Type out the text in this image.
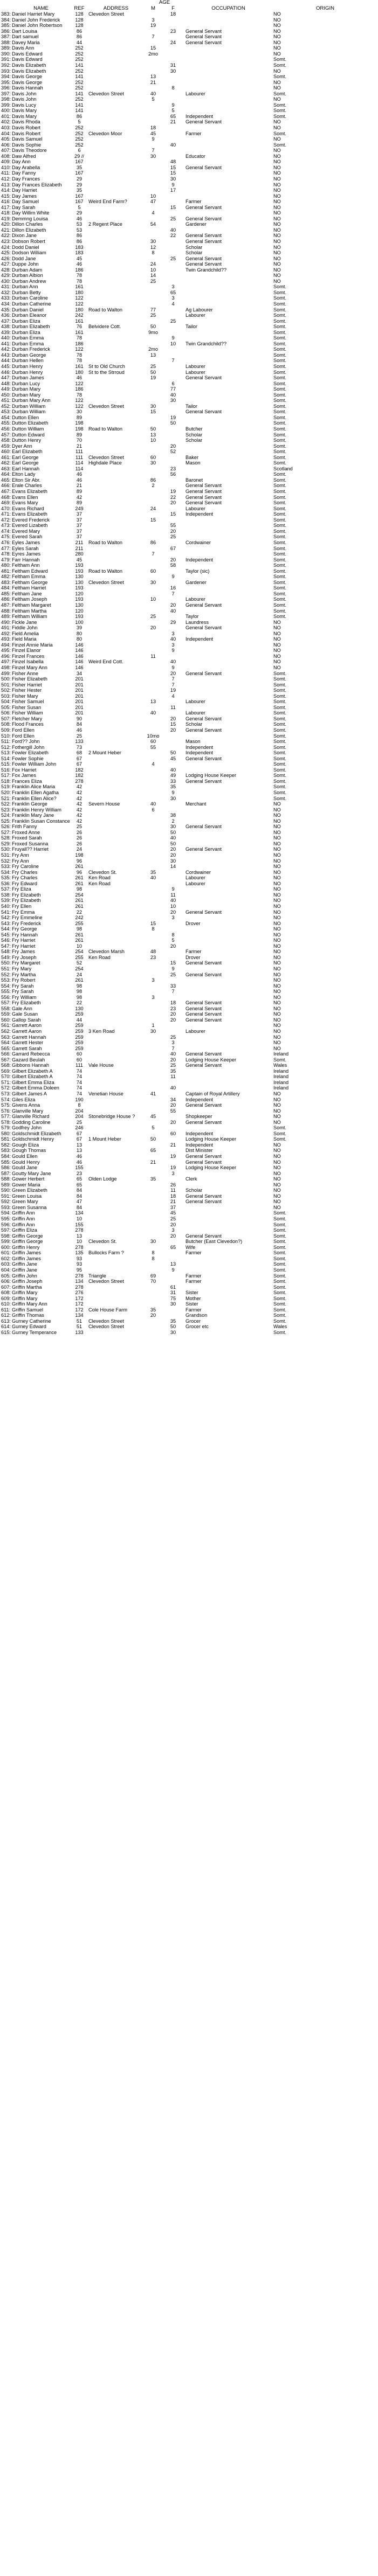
				AGE			
	NAME	REF	ADDRESS	M	F	OCCUPATION	ORIGIN
383:	Daniel Harriet Mary	128	Clevedon Street		18		NO
384:	Daniel John Frederick	128		3			NO
385:	Daniel John Robertson	128		19			NO
386:	Dart Louisa	86			23	General Servant	NO
387:	Dart samuel	86		7		General Servant	NO
388:	Davey Maria	44			24	General Servant	NO
389:	Davis Ann	252		15			NO
390:	Davis Edward	252		2mo			NO
391:	Davis Edward	252					Somt.
392:	Davis Elizabeth	141			31		Somt.
393:	Davis Elizabeth	252			30		NO
394:	Davis George	141		13			Somt.
395:	Davis George	252		21			NO
396:	Davis Hannah	252			8		NO
397:	Davis John	141	Clevedon Street	40		Labourer	Somt.
398:	Davis John	252		5			NO
399:	Davis Lucy	141			9		Somt.
400:	Davis Mary	141			5		Somt.
401:	Davis Mary	86			65	Independent	Somt.
402:	Davis Rhoda	5			21	General Servant	NO
403:	Davis Robert	252		18			NO
404:	Davis Robert	252	Clevedon Moor	45		Farmer	Somt.
405:	Davis Samuel	252		9			NO
406:	Davis Sophie	252			40		Somt.
407:	Davis Theodore	6		7			NO
408:	Daw Alfred	29 //		30		Educator	NO
409:	Day Ann	167			48		NO
410:	Day Arabella	35			15	General Servant	NO
411:	Day Fanny	167			15		NO
412:	Day Frances	29			30		NO
413:	Day Frances Elizabeth	29			9		NO
414:	Day Harriet	35			17		NO
415:	Day James	167		10			NO
416:	Day Samuel	167	Weird End Farm?	47		Farmer	NO
417:	Day Sarah	5			15	General Servant	NO
418:	Day Willim White	29		4			NO
419:	Demmng Louisa	46			25	General Servant	NO
420:	Dillon Charles	53	2 Regent Place	54		Gardener	NO
421:	Dillon Elizabeth	53			40		NO
422:	Dixon Jane	86			22	General Servant	NO
423:	Dobson Robert	86		30		General Servant	NO
424:	Dodd Daniel	183		12		Scholar	NO
425:	Dodson William	183		8		Scholar	NO
426:	Dodd Jane	45			25	General Servant	NO
427:	Duppe John	46		24		General Servant	NO
428:	Durban Adam	186		10		Twin Grandchild??	NO
429:	Durban Albion	78		14			NO
430:	Durban Andrew	78		25			NO
431:	Durban Ann	161			3		Somt.
432:	Durban Betty	180			65		Somt.
433:	Durban Caroline	122			3		Somt.
434:	Durban Catherine	122			4		Somt.
435:	Durban Daniel	180	Road to Walton	77		Ag Labourer	Somt.
436:	Durban Eleanor	242		25		Labourer	Somt.
437:	Durban Eliza	161			25		Somt.
438:	Durban Elizabeth	76	Belvidere Cott.	50		Tailor	Somt.
439:	Durban Eliza	161		9mo			Somt.
440:	Durban Emma	78			9		Somt.
441:	Durban Emma	186			10	Twin Grandchild??	Somt.
442:	Durban Frederick	122		2mo			Somt.
443:	Durban George	78		13			Somt.
444:	Durban Hellen	78			7		Somt.
445:	Durban Henry	161	St to Old Church	25		Labourer	Somt.
446:	Durban Henry	180	St to the Strroud	50		Labourer	Somt.
447:	Durban James	46		19		General Servant	Somt.
448:	Durban Lucy	122			6		Somt.
449:	Durban Mary	186			77		Somt.
450:	Durban Mary	78			40		Somt.
451:	Durban Mary Ann	122			30		Somt.
452:	Durban William	122	Clevedon Street	30		Tailor	Somt.
453:	Durban William	30		15		General Servant	Somt.
454:	Dutton Ellen	89			19		Somt.
455:	Dutton Elizabeth	198			50		Somt.
456:	Dutton William	198	Road to Walton	50		Butcher	Somt.
457:	Dutton Edward	89		13		Scholar	Somt.
458:	Dutton Henry	70		10		Scholar	Somt.
459:	Dyer Ann	21			20		Somt.
460:	Earl Elizabeth	111			52		Somt.
461:	Earl George	111	Clevedon Street	60		Baker	Somt.
462:	Earl George	114	Highdale Place	30		Mason	Somt.
463:	Earl Hannah	114			23		Scotland
464:	Elton Lady	46			56		Somt.
465:	Elton Sir Abr.	46		86		Baronet	Somt.
466:	Erale Charles	21		2		General Servant	Somt.
467:	Evans Elizabeth	89			19	General Servant	Somt.
468:	Evans Ellen	42			22	General Servant	Somt.
469:	Evans Mary	89			20	General Servant	Somt.
470:	Evans Richard	249		24		Labourer	Somt.
471:	Evans Elizabeth	37			15	Independent	Somt.
472:	Evered Frederick	37		15			Somt.
473:	Evered Lizabeth	37			55		Somt.
474:	Evered Mary	37			20		Somt.
475:	Evered Sarah	37			25		Somt.
476:	Eyles James	211	Road to Walton	86		Cordwainer	Somt.
477:	Eyles Sarah	211			67		Somt.
478:	Eyres James	280		7			Somt.
479:	Farr Hannah	45			20	Independent	Somt.
480:	Feltham Ann	193			58		Somt.
481:	Feltham Edward	193	Road to Walton	60		Taylor (sic)	Somt.
482:	Feltham Emma	130			9		Somt.
483:	Feltham George	130	Clevedon Street	30		Gardener	Somt.
484:	Feltham Harriet	193			16		Somt.
485:	Feltham Jane	120			7		Somt.
486:	Feltham Joseph	193		10		Labourer	Somt.
487:	Feltham Margaret	130			20	General Servant	Somt.
488:	Feltham Martha	120			40		Somt.
489:	Feltham William	193		25		Taylor	Somt.
490:	Fickle Jane	100			29	Laundress	NO
491:	Fiddle John	39		20		General Servant	NO
492:	Field Amelia	80			3		NO
493:	Field Maria	80			40	Independent	NO
494:	Finzel Annie Maria	146			3		NO
495:	Finzel Elanor	146			9		NO
496:	Finzel Frances	146		11			NO
497:	Finzel Isabella	146	Weird End Cott.		40		NO
498:	Finzel Mary Ann	146			9		NO
499:	Fisher Anne	34			20	General Servant	Somt.
500:	Fisher Elizabeth	201			7		Somt.
501:	Fisher Harriet	201			7		Somt.
502:	Fisher Hester	201			19		Somt.
503:	Fisher Mary	201			4		Somt.
504:	Fisher Samuel	201		13		Labourer	Somt.
505:	Fisher Susan	201			11		Somt.
506:	Fisher William	201		40		Labourer	Somt.
507:	Fletcher Mary	90			20	General Servant	Somt.
508:	Flood Frances	84			15	Scholar	Somt.
509:	Ford Ellen	46			20	General Servant	Somt.
510:	Ford Ellen	25		10mo			Somt.
511:	Ford?? John	133		60		Mason	Somt.
512:	Fothergill John	73		55		Independent	Somt.
513:	Fowler Elizabeth	68	2 Mount Heber		50	Independent	Somt.
514:	Fowler Sophie	67			45	General Servant	Somt.
515:	Fowler William John	67		4			Somt.
516:	Fox Harriet	182			40		Somt.
517:	Fox James	182			49	Lodging House Keeper	Somt.
518:	Frances Eliza	278			33	General Servant	Somt.
519:	Franklin Alice Maria	42			35		Somt.
520:	Franklin Ellen Agatha	42			9		Somt.
521:	Franklin Ellen Alice?	42			30		Somt.
522:	Franklin George	42	Severn House	40		Merchant	NO
523:	Franklin Henry William	42		6			NO
524:	Franklin Mary Jane	42			38		NO
525:	Franklin Susan Constance	42			2		NO
526:	Frith Fanny	25			30	General Servant	NO
527:	Froxed Anne	26			50		NO
528:	Froxed Sarah	26			40		NO
529:	Froxed Susanna	26			50		NO
530:	Fruyall?? Harriet	24			20	General Servant	NO
531:	Fry Ann	198			20		NO
532:	Fry Ann	96			30		NO
533:	Fry Caroline	261			14		NO
534:	Fry Charles	96	Clevedon St.	35		Cordwainer	NO
535:	Fry Charles	261	Ken Road	40		Labourer	NO
536:	Fry Edward	261	Ken Road			Labourer	NO
537:	Fry Eliza	98			9		NO
538:	Fry Elizabeth	254			11		NO
539:	Fry Elizabeth	261			40		NO
540:	Fry Ellen	261			10		NO
541:	Fry Emma	22			20	General Servant	NO
542:	Fry Emmeline	242			3		NO
543:	Fry Frederick	255		15		Drover	NO
544:	Fry George	98		8			NO
545:	Fry Hannah	261			8		NO
546:	Fry Harriet	261			5		NO
547:	Fry Harriet	10			20		NO
548:	Fry James	254	Clevedon Marsh	48		Farmer	NO
549:	Fry Joseph	255	Ken Road	23		Drover	NO
550:	Fry Margaret	52			15	General Servant	NO
551:	Fry Mary	254			9		NO
552:	Fry Martha	24			25	General Servant	NO
553:	Fry Robert	261		3			NO
554:	Fry Sarah	98			33		NO
555:	Fry Sarah	98			7		NO
556:	Fry William	98		3			NO
557:	Fry Elizabeth	22			18	General Servant	NO
558:	Gale Ann	130			23	General Servant	NO
559:	Gale Susan	259			20	General Servant	NO
560:	Gallop Sarah	44			20	General Servant	NO
561:	Garrett Aaron	259		1			NO
562:	Garrett Aaron	259	3 Ken Road	30		Labourer	NO
563:	Garrett Hannah	259			25		NO
564:	Garrett Hester	259			3		NO
565:	Garrett Sarah	259			7		NO
566:	Garrard Rebecca	60			40	General Servant	Ireland
567:	Gazard Beulah	60			20	Lodging House Keeper	Somt.
568:	Gibbons Hannah	111	Vale House		25	General Servant	Wales
569:	Gilbert Elizabeth A	74			35		Ireland
570:	Gilbert Elizabeth A	74			11		Ireland
571:	Gilbert Emma Eliza	74					Ireland
572:	Gilbert Emma Doleen	74			40		Ireland
573:	Gilbert James A	74	Venetian House	41		Captain of Royal Artillery	NO
574:	Giles Eliza	190			34	Independent	NO
575:	Givens Anna	8			20	General Servant	NO
576:	Glanville Mary	204			55		NO
577:	Glanville Richard	204	Stonebridge House ?	45		Shopkeeper	NO
578:	Godding Caroline	25			20	General Servant	NO
579:	Godfrey John	246		5			Somt.
580:	Goldschmidt Elizabeth	67			60	Independent	Somt.
581:	Goldschmidt Henry	67	1 Mount Heber	50		Lodging House Keeper	Somt.
582:	Gough Eliza	13			21	Independent	NO
583:	Gough Thomas	13		65		Dist Minister	NO
584:	Gould Ellen	46			19	General Servant	NO
585:	Gould Henry	46		21		General Servant	NO
586:	Gould Jane	155			19	Lodging House Keeper	NO
587:	Goutty Mary Jane	23			3		NO
588:	Gower Herbert	65	Olden Lodge	35		Clerk	NO
589:	Gower Maria	65			26		NO
590:	Green Elizabeth	84			11	Scholar	NO
591:	Green Louisa	84			18	General Servant	NO
592:	Green Mary	47			21	General Servant	NO
593:	Green Susanna	84			37		NO
594:	Griffin Ann	134			45		Somt.
595:	Griffin Ann	10			25		Somt.
596:	Griffin Ann	155			20		Somt.
597:	Griffin Eliza	278			3		Somt.
598:	Griffin George	13			20	General Servant	Somt.
599:	Griffin George	10	Clevedon St.	30		Butcher (East Clevedon?)	Somt.
600:	Griffin Henry	278			65	Wife	Somt.
601:	Griffin James	135	Bullocks Farm ?	8		Farmer	Somt.
602:	Griffin James	93		8			Somt.
603:	Griffin Jane	93			13		Somt.
604:	Griffin Jane	95			9		Somt.
605:	Griffin John	278	Triangle	69		Farmer	Somt.
606:	Griffin Joseph	134	Clevedon Street	70		Farmer	Somt.
607:	Griffin Martha	278			61		Somt.
608:	Griffin Mary	276			31	Sister	Somt.
609:	Griffin Mary	172			75	Mother	Somt.
610:	Griffin Mary Ann	172			30	Sister	Somt.
611:	Griffin Samuel	172	Cole House Farm	35		Farmer	Somt.
612:	Griffin Thomas	134		20		Grandson	Somt.
613:	Gurney Catherine	51	Clevedon Street		35	Grocer	Somt.
614:	Gurney Edward	51	Clevedon Street		50	Grocer etc	Wales
615:	Gurney Temperance	133			30		Somt.
